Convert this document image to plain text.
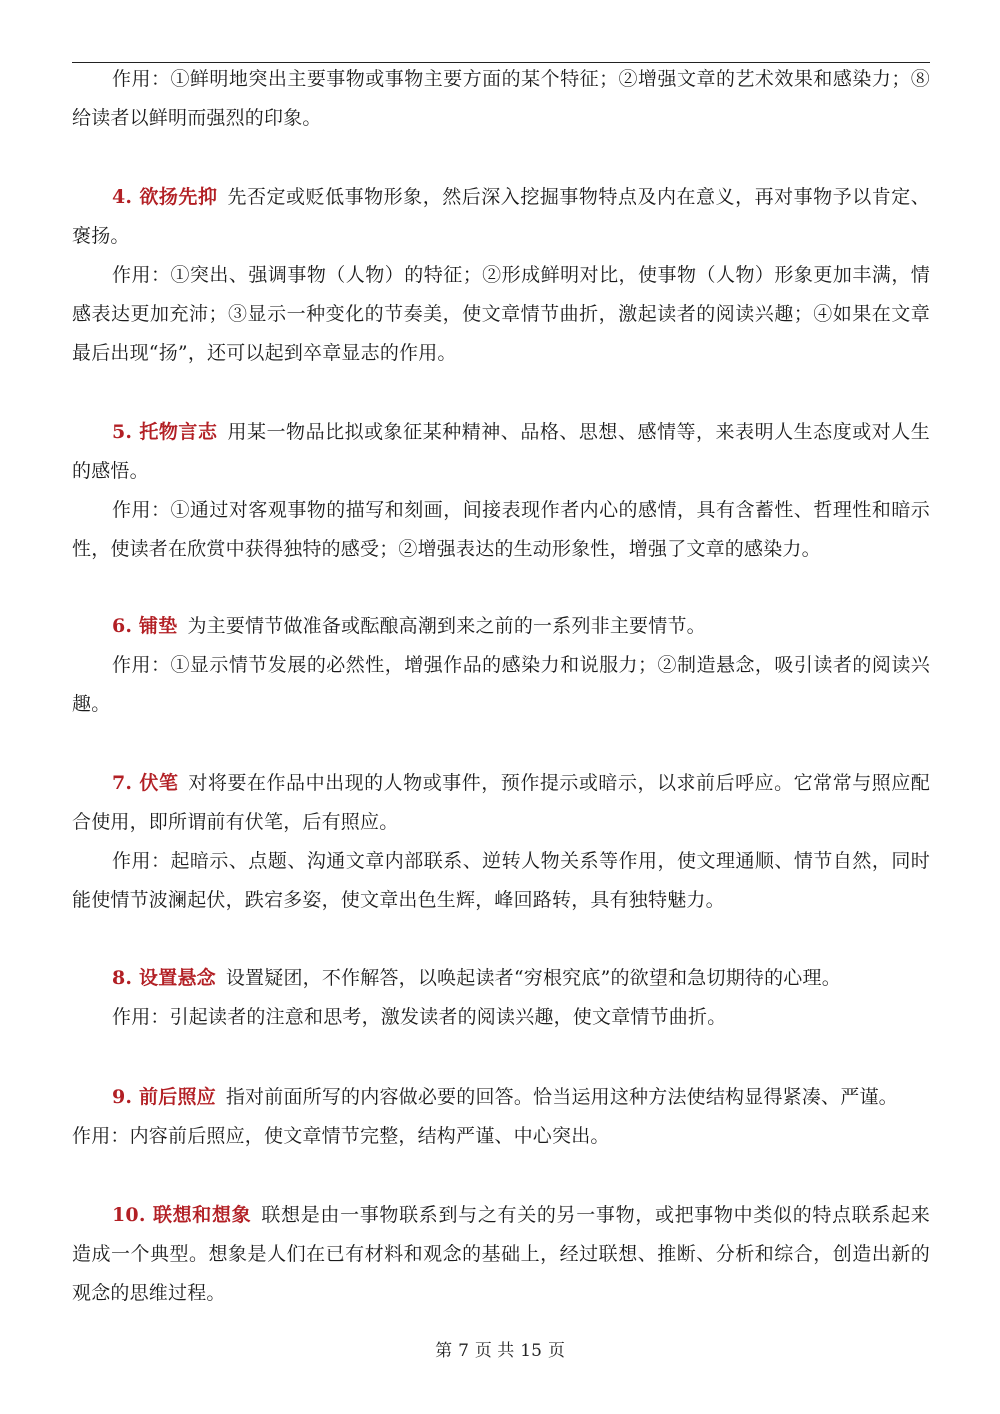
作用：①鲜明地突出主要事物或事物主要方面的某个特征；②增强文章的艺术效果和感染力；⑧给读者以鲜明而强烈的印象。
4. 欲扬先抑 先否定或贬低事物形象，然后深入挖掘事物特点及内在意义，再对事物予以肯定、褒扬。
作用：①突出、强调事物（人物）的特征；②形成鲜明对比，使事物（人物）形象更加丰满，情感表达更加充沛；③显示一种变化的节奏美，使文章情节曲折，激起读者的阅读兴趣；④如果在文章最后出现“扬”，还可以起到卒章显志的作用。
5. 托物言志 用某一物品比拟或象征某种精神、品格、思想、感情等，来表明人生态度或对人生的感悟。
作用：①通过对客观事物的描写和刻画，间接表现作者内心的感情，具有含蓄性、哲理性和暗示性，使读者在欣赏中获得独特的感受；②增强表达的生动形象性，增强了文章的感染力。
6. 铺垫 为主要情节做准备或酝酿高潮到来之前的一系列非主要情节。
作用：①显示情节发展的必然性，增强作品的感染力和说服力；②制造悬念，吸引读者的阅读兴趣。
7. 伏笔 对将要在作品中出现的人物或事件，预作提示或暗示，以求前后呼应。它常常与照应配合使用，即所谓前有伏笔，后有照应。
作用：起暗示、点题、沟通文章内部联系、逆转人物关系等作用，使文理通顺、情节自然，同时能使情节波澜起伏，跌宕多姿，使文章出色生辉，峰回路转，具有独特魅力。
8. 设置悬念 设置疑团，不作解答，以唤起读者“穷根究底”的欲望和急切期待的心理。
作用：引起读者的注意和思考，激发读者的阅读兴趣，使文章情节曲折。
9. 前后照应 指对前面所写的内容做必要的回答。恰当运用这种方法使结构显得紧凑、严谨。
作用：内容前后照应，使文章情节完整，结构严谨、中心突出。
10. 联想和想象 联想是由一事物联系到与之有关的另一事物，或把事物中类似的特点联系起来造成一个典型。想象是人们在已有材料和观念的基础上，经过联想、推断、分析和综合，创造出新的观念的思维过程。
第 7 页 共 15 页
